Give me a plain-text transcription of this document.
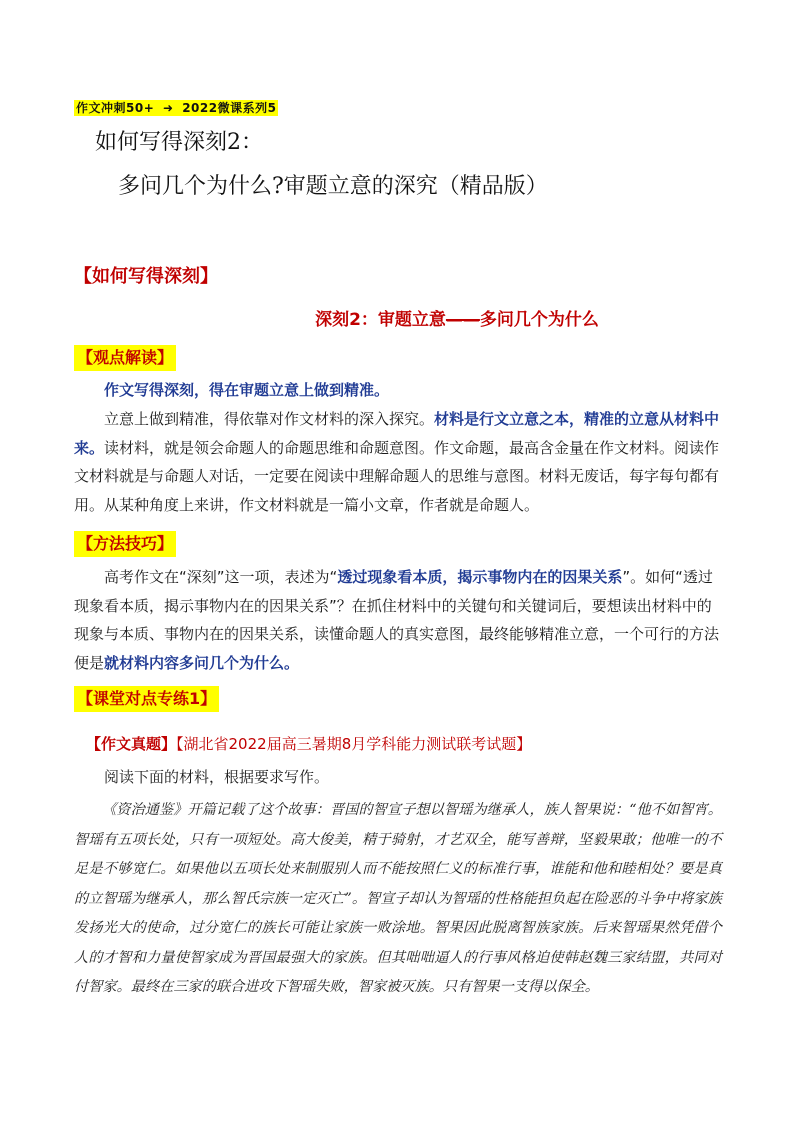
作文冲刺50+ ➜ 2022微课系列5
如何写得深刻2：
多问几个为什么?审题立意的深究（精品版）
【如何写得深刻】
深刻2：审题立意——多问几个为什么
【观点解读】
作文写得深刻，得在审题立意上做到精准。
立意上做到精准，得依靠对作文材料的深入探究。材料是行文立意之本，精准的立意从材料中来。读材料，就是领会命题人的命题思维和命题意图。作文命题，最高含金量在作文材料。阅读作文材料就是与命题人对话，一定要在阅读中理解命题人的思维与意图。材料无废话，每字每句都有用。从某种角度上来讲，作文材料就是一篇小文章，作者就是命题人。
【方法技巧】
高考作文在“深刻”这一项，表述为“透过现象看本质，揭示事物内在的因果关系”。如何“透过现象看本质，揭示事物内在的因果关系”？在抓住材料中的关键句和关键词后，要想读出材料中的现象与本质、事物内在的因果关系，读懂命题人的真实意图，最终能够精准立意，一个可行的方法便是就材料内容多问几个为什么。
【课堂对点专练1】
【作文真题】【湖北省2022届高三暑期8月学科能力测试联考试题】
阅读下面的材料，根据要求写作。
《资治通鉴》开篇记载了这个故事：晋国的智宣子想以智瑶为继承人，族人智果说：“他不如智宵。智瑶有五项长处，只有一项短处。高大俊美，精于骑射，才艺双全，能写善辩，坚毅果敢；他唯一的不足是不够宽仁。如果他以五项长处来制服别人而不能按照仁义的标准行事，谁能和他和睦相处？要是真的立智瑶为继承人，那么智氏宗族一定灭亡”。智宣子却认为智瑶的性格能担负起在险恶的斗争中将家族发扬光大的使命，过分宽仁的族长可能让家族一败涂地。智果因此脱离智族家族。后来智瑶果然凭借个人的才智和力量使智家成为晋国最强大的家族。但其咄咄逼人的行事风格迫使韩赵魏三家结盟，共同对付智家。最终在三家的联合进攻下智瑶失败，智家被灭族。只有智果一支得以保全。
